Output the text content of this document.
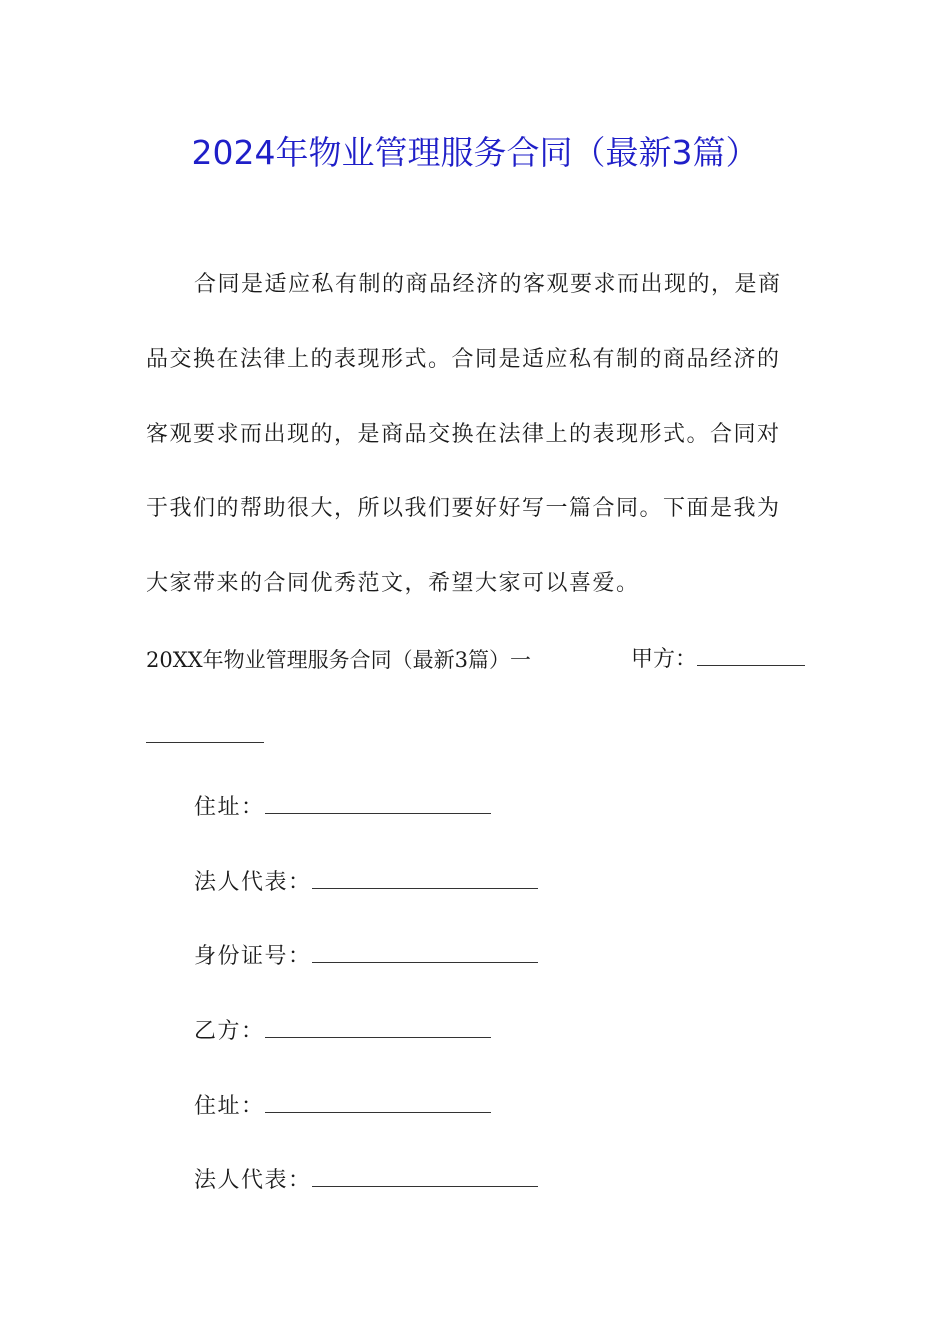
2024年物业管理服务合同（最新3篇）
合同是适应私有制的商品经济的客观要求而出现的，是商
品交换在法律上的表现形式。合同是适应私有制的商品经济的
客观要求而出现的，是商品交换在法律上的表现形式。合同对
于我们的帮助很大，所以我们要好好写一篇合同。下面是我为
大家带来的合同优秀范文，希望大家可以喜爱。
20XX年物业管理服务合同（最新3篇）一	甲方：
住址：
法人代表：
身份证号：
乙方：
住址：
法人代表：
